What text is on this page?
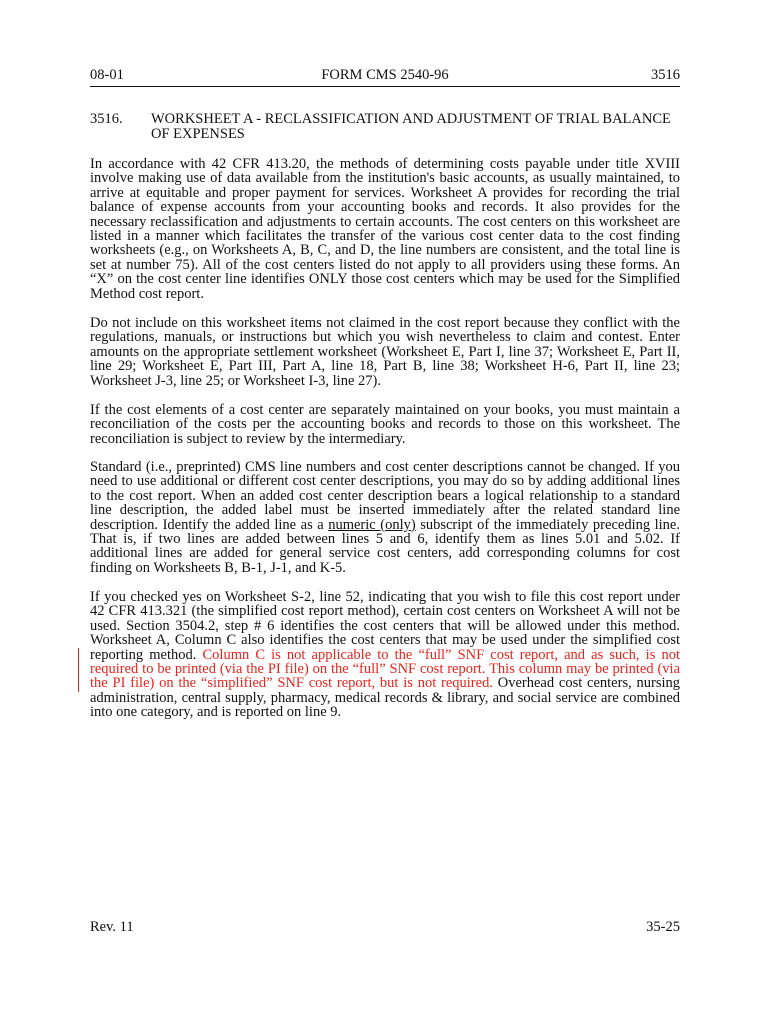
08-01	FORM CMS 2540-96	3516
3516. WORKSHEET A - RECLASSIFICATION AND ADJUSTMENT OF TRIAL BALANCE OF EXPENSES

In accordance with 42 CFR 413.20, the methods of determining costs payable under title XVIII involve making use of data available from the institution's basic accounts, as usually maintained, to arrive at equitable and proper payment for services. Worksheet A provides for recording the trial balance of expense accounts from your accounting books and records. It also provides for the necessary reclassification and adjustments to certain accounts. The cost centers on this worksheet are listed in a manner which facilitates the transfer of the various cost center data to the cost finding worksheets (e.g., on Worksheets A, B, C, and D, the line numbers are consistent, and the total line is set at number 75). All of the cost centers listed do not apply to all providers using these forms. An “X” on the cost center line identifies ONLY those cost centers which may be used for the Simplified Method cost report.

Do not include on this worksheet items not claimed in the cost report because they conflict with the regulations, manuals, or instructions but which you wish nevertheless to claim and contest. Enter amounts on the appropriate settlement worksheet (Worksheet E, Part I, line 37; Worksheet E, Part II, line 29; Worksheet E, Part III, Part A, line 18, Part B, line 38; Worksheet H-6, Part II, line 23; Worksheet J-3, line 25; or Worksheet I-3, line 27).

If the cost elements of a cost center are separately maintained on your books, you must maintain a reconciliation of the costs per the accounting books and records to those on this worksheet. The reconciliation is subject to review by the intermediary.

Standard (i.e., preprinted) CMS line numbers and cost center descriptions cannot be changed. If you need to use additional or different cost center descriptions, you may do so by adding additional lines to the cost report. When an added cost center description bears a logical relationship to a standard line description, the added label must be inserted immediately after the related standard line description. Identify the added line as a numeric (only) subscript of the immediately preceding line. That is, if two lines are added between lines 5 and 6, identify them as lines 5.01 and 5.02. If additional lines are added for general service cost centers, add corresponding columns for cost finding on Worksheets B, B-1, J-1, and K-5.

If you checked yes on Worksheet S-2, line 52, indicating that you wish to file this cost report under 42 CFR 413.321 (the simplified cost report method), certain cost centers on Worksheet A will not be used. Section 3504.2, step # 6 identifies the cost centers that will be allowed under this method. Worksheet A, Column C also identifies the cost centers that may be used under the simplified cost reporting method. Column C is not applicable to the “full” SNF cost report, and as such, is not required to be printed (via the PI file) on the “full” SNF cost report. This column may be printed (via the PI file) on the “simplified” SNF cost report, but is not required. Overhead cost centers, nursing administration, central supply, pharmacy, medical records & library, and social service are combined into one category, and is reported on line 9.

Rev. 11	35-25
